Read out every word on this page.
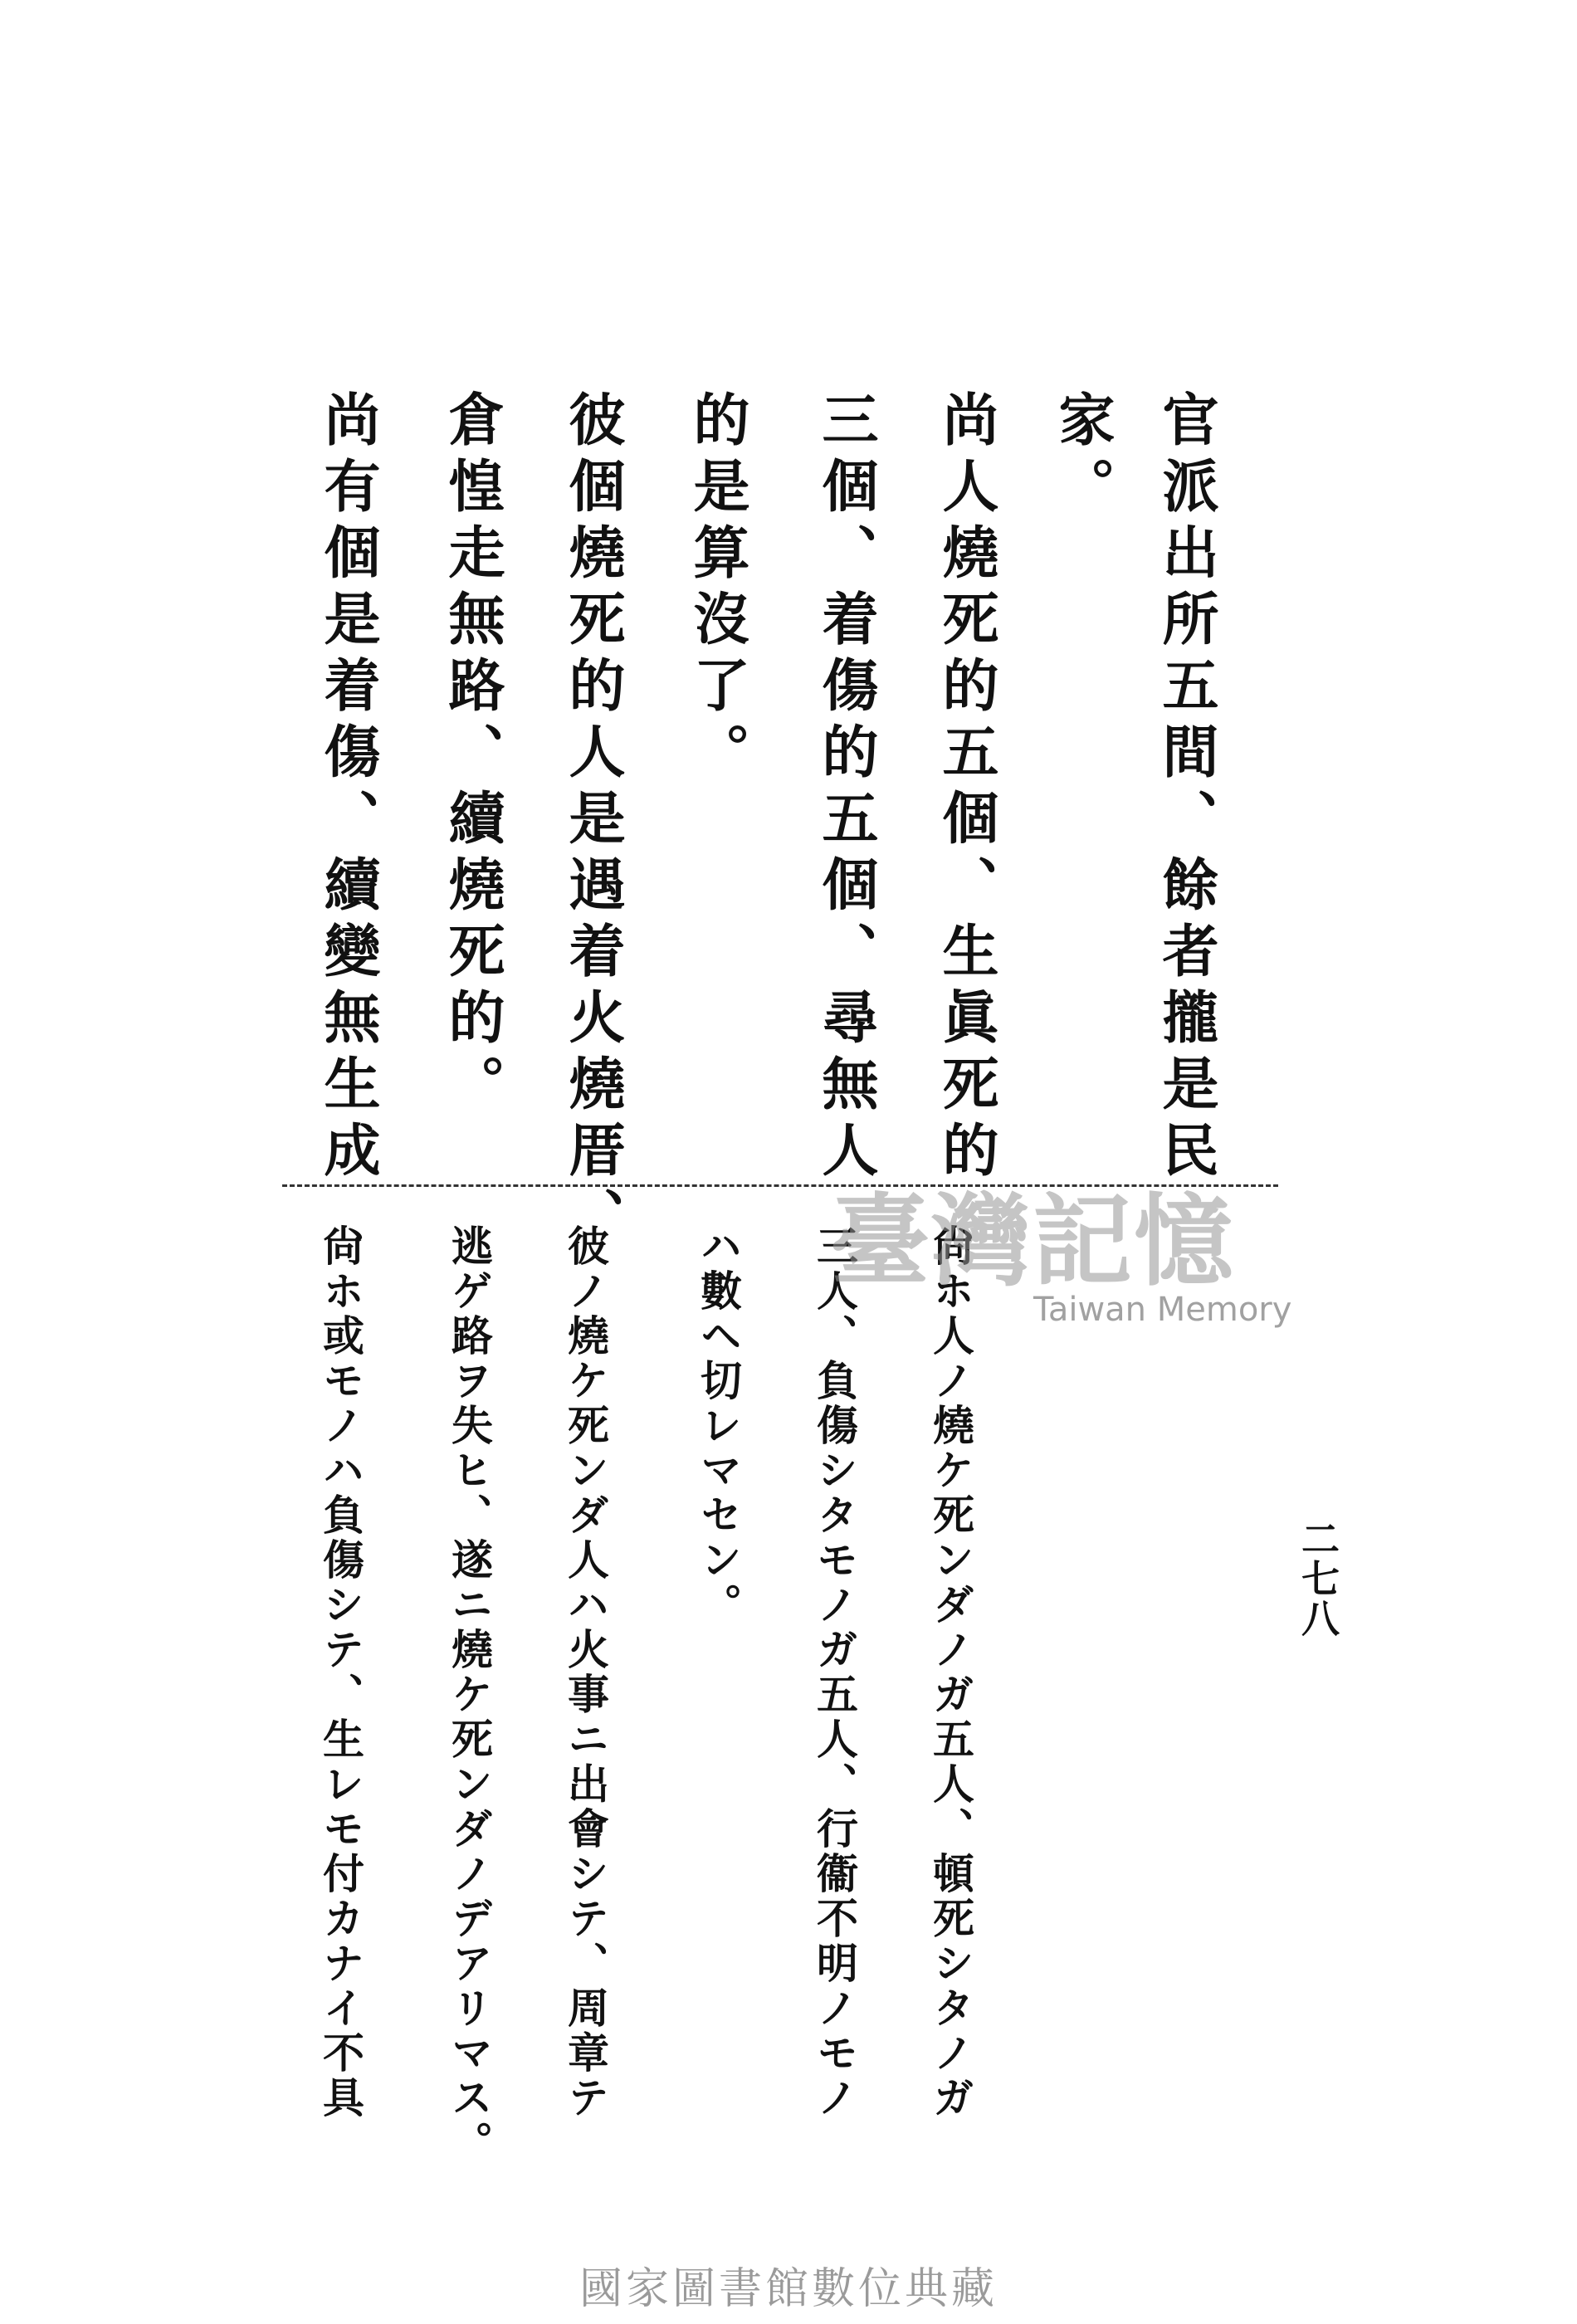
官派出所五間、餘者攏是民
家。
尚人燒死的五個、生眞死的
三個、着傷的五個、尋無人
的是算沒了。
彼個燒死的人是遇着火燒厝、
倉惶走無路、續燒死的。
尚有個是着傷、續變無生成
尙ホ人ノ燒ケ死ンダノガ五人、頓死シタノガ
三人、負傷シタモノガ五人、行衞不明ノモノ
ハ數ヘ切レマセン。
彼ノ燒ケ死ンダ人ハ火事ニ出會シテ、周章テ
逃ゲ路ヲ失ヒ、遂ニ燒ケ死ンダノデアリマス。
尙ホ或モノハ負傷シテ、生レモ付カナイ不具	二七八
臺灣記憶
Taiwan Memory
國家圖書館數位典藏
